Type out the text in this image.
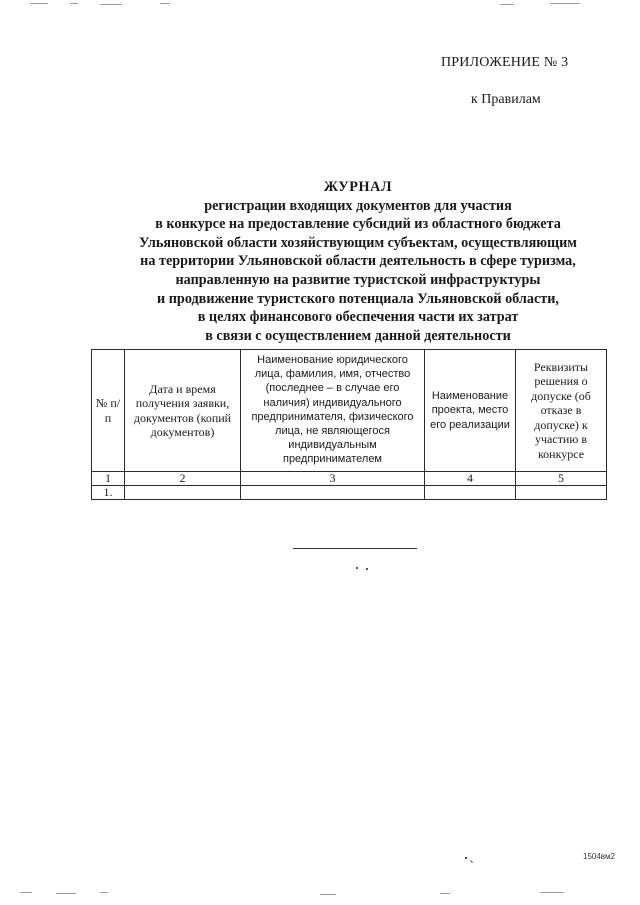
ПРИЛОЖЕНИЕ № 3
к Правилам
ЖУРНАЛ
регистрации входящих документов для участия
в конкурсе на предоставление субсидий из областного бюджета
Ульяновской области хозяйствующим субъектам, осуществляющим
на территории Ульяновской области деятельность в сфере туризма,
направленную на развитие туристской инфраструктуры
и продвижение туристского потенциала Ульяновской области,
в целях финансового обеспечения части их затрат
в связи с осуществлением данной деятельности
№ п/п	Дата и время получения заявки, документов (копий документов)	Наименование юридического лица, фамилия, имя, отчество (последнее – в случае его наличия) индивидуального предпринимателя, физического лица, не являющегося индивидуальным предпринимателем	Наименование проекта, место его реализации	Реквизиты решения о допуске (об отказе в допуске) к участию в конкурсе
1	2	3	4	5
1.				
1504вм2
